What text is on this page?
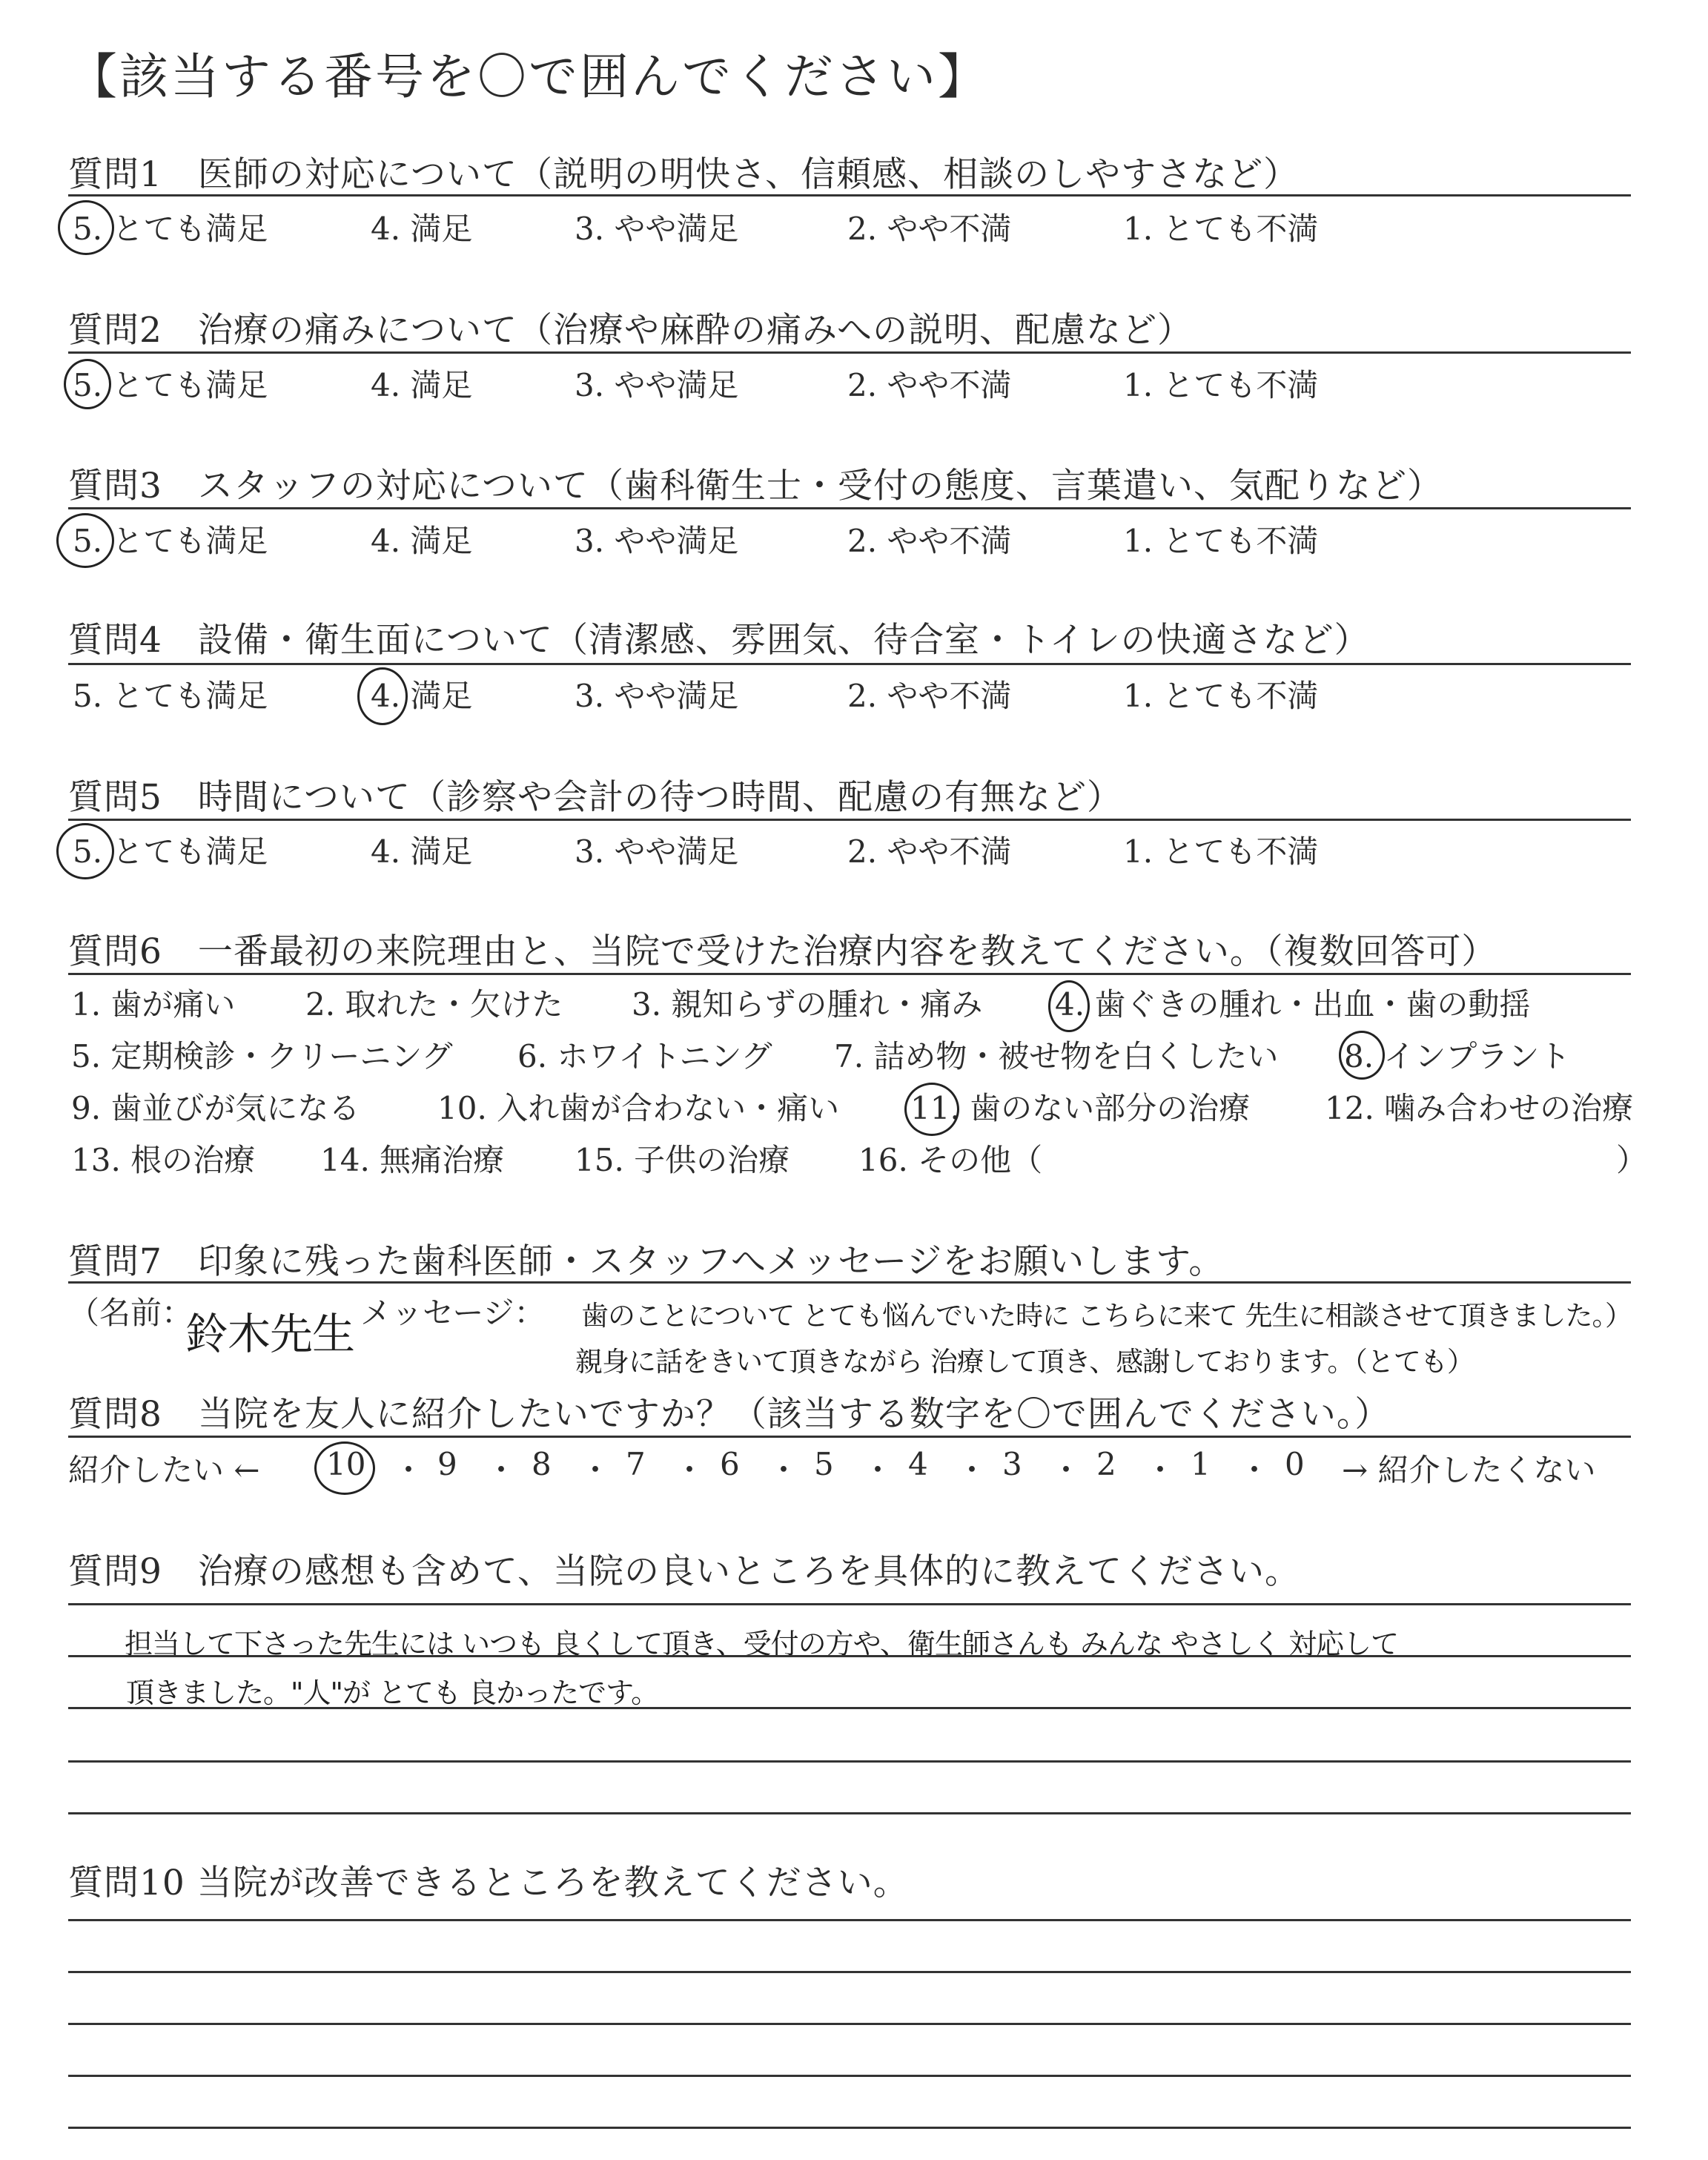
【該当する番号を〇で囲んでください】
質問1　医師の対応について（説明の明快さ、信頼感、相談のしやすさなど）
5. とても満足	4. 満足	3. やや満足	2. やや不満	1. とても不満
質問2　治療の痛みについて（治療や麻酔の痛みへの説明、配慮など）
5. とても満足	4. 満足	3. やや満足	2. やや不満	1. とても不満
質問3　スタッフの対応について（歯科衛生士・受付の態度、言葉遣い、気配りなど）
5. とても満足	4. 満足	3. やや満足	2. やや不満	1. とても不満
質問4　設備・衛生面について（清潔感、雰囲気、待合室・トイレの快適さなど）
5. とても満足	4. 満足	3. やや満足	2. やや不満	1. とても不満
質問5　時間について（診察や会計の待つ時間、配慮の有無など）
5. とても満足	4. 満足	3. やや満足	2. やや不満	1. とても不満
質問6　一番最初の来院理由と、当院で受けた治療内容を教えてください。（複数回答可）
1. 歯が痛い 2. 取れた・欠けた 3. 親知らずの腫れ・痛み 4. 歯ぐきの腫れ・出血・歯の動揺
5. 定期検診・クリーニング 6. ホワイトニング 7. 詰め物・被せ物を白くしたい 8. インプラント
9. 歯並びが気になる 10. 入れ歯が合わない・痛い 11. 歯のない部分の治療 12. 噛み合わせの治療
13. 根の治療 14. 無痛治療 15. 子供の治療 16. その他（	）
質問7　印象に残った歯科医師・スタッフへメッセージをお願いします。
（名前：
鈴木先生 メッセージ： 歯のことについて とても悩んでいた時に こちらに来て 先生に相談させて頂きました。）
親身に話をきいて頂きながら 治療して頂き、感謝しております。（とても）
質問8　当院を友人に紹介したいですか？（該当する数字を〇で囲んでください。）
紹介したい ← 10 ・ 9 ・ 8 ・ 7 ・ 6 ・ 5 ・ 4 ・ 3 ・ 2 ・ 1 ・ 0 → 紹介したくない
質問9　治療の感想も含めて、当院の良いところを具体的に教えてください。
担当して下さった先生には いつも 良くして頂き、受付の方や、衛生師さんも みんな やさしく 対応して
頂きました。"人"が とても 良かったです。
質問10 当院が改善できるところを教えてください。
